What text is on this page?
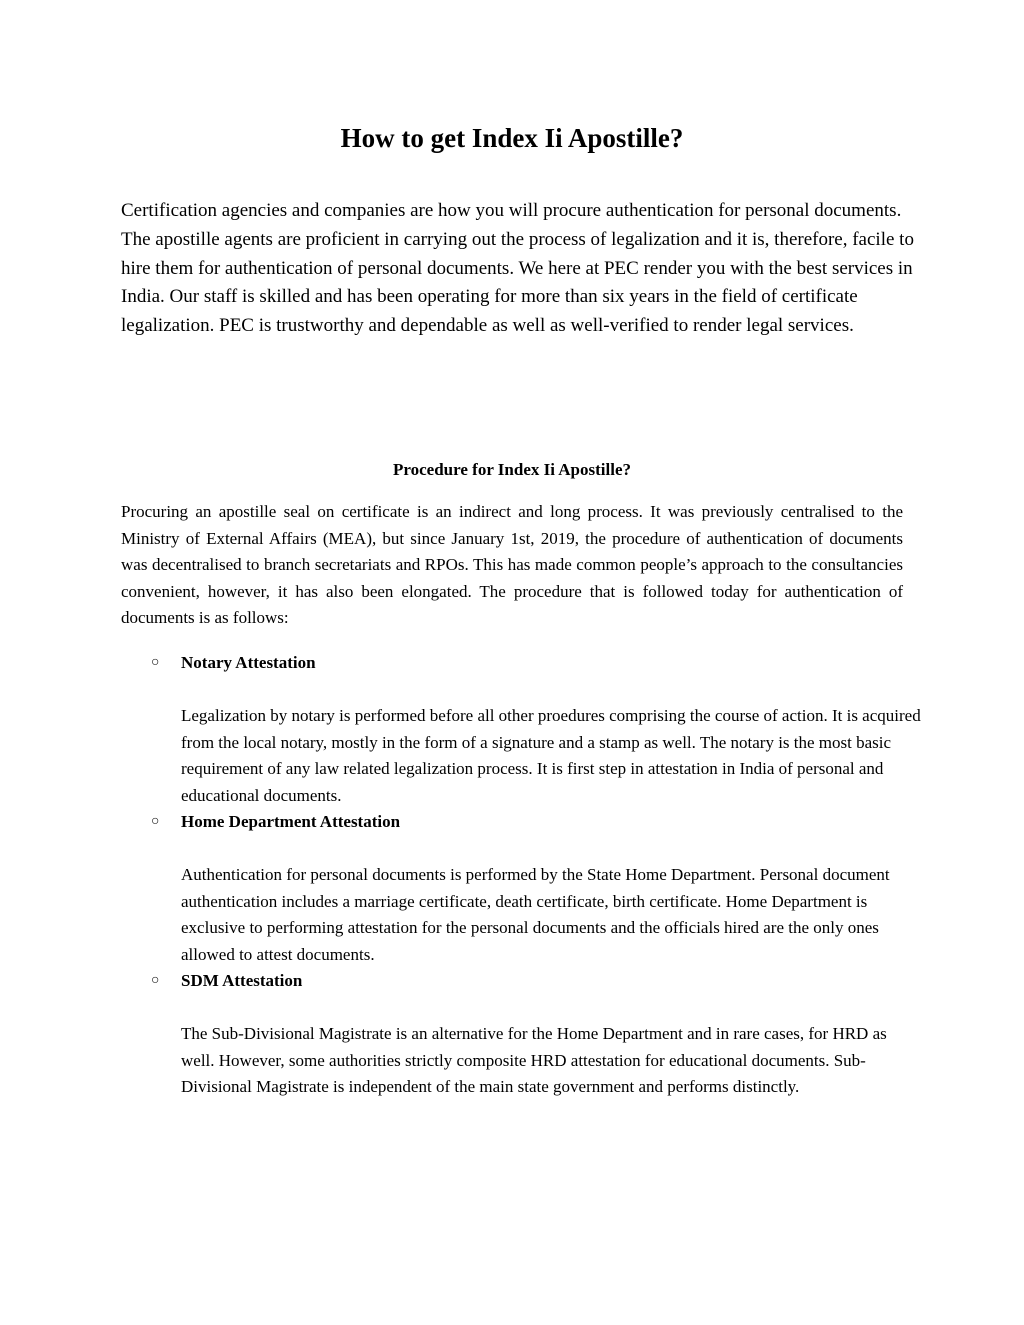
How to get Index Ii Apostille?

Certification agencies and companies are how you will procure authentication for personal documents. The apostille agents are proficient in carrying out the process of legalization and it is, therefore, facile to hire them for authentication of personal documents. We here at PEC render you with the best services in India. Our staff is skilled and has been operating for more than six years in the field of certificate legalization. PEC is trustworthy and dependable as well as well-verified to render legal services.

Procedure for Index Ii Apostille?

Procuring an apostille seal on certificate is an indirect and long process. It was previously centralised to the Ministry of External Affairs (MEA), but since January 1st, 2019, the procedure of authentication of documents was decentralised to branch secretariats and RPOs. This has made common people’s approach to the consultancies convenient, however, it has also been elongated. The procedure that is followed today for authentication of documents is as follows:

○	Notary Attestation
Legalization by notary is performed before all other proedures comprising the course of action. It is acquired from the local notary, mostly in the form of a signature and a stamp as well. The notary is the most basic requirement of any law related legalization process. It is first step in attestation in India of personal and educational documents.
○	Home Department Attestation
Authentication for personal documents is performed by the State Home Department. Personal document authentication includes a marriage certificate, death certificate, birth certificate. Home Department is exclusive to performing attestation for the personal documents and the officials hired are the only ones allowed to attest documents.
○	SDM Attestation
The Sub-Divisional Magistrate is an alternative for the Home Department and in rare cases, for HRD as well. However, some authorities strictly composite HRD attestation for educational documents. Sub-Divisional Magistrate is independent of the main state government and performs distinctly.
